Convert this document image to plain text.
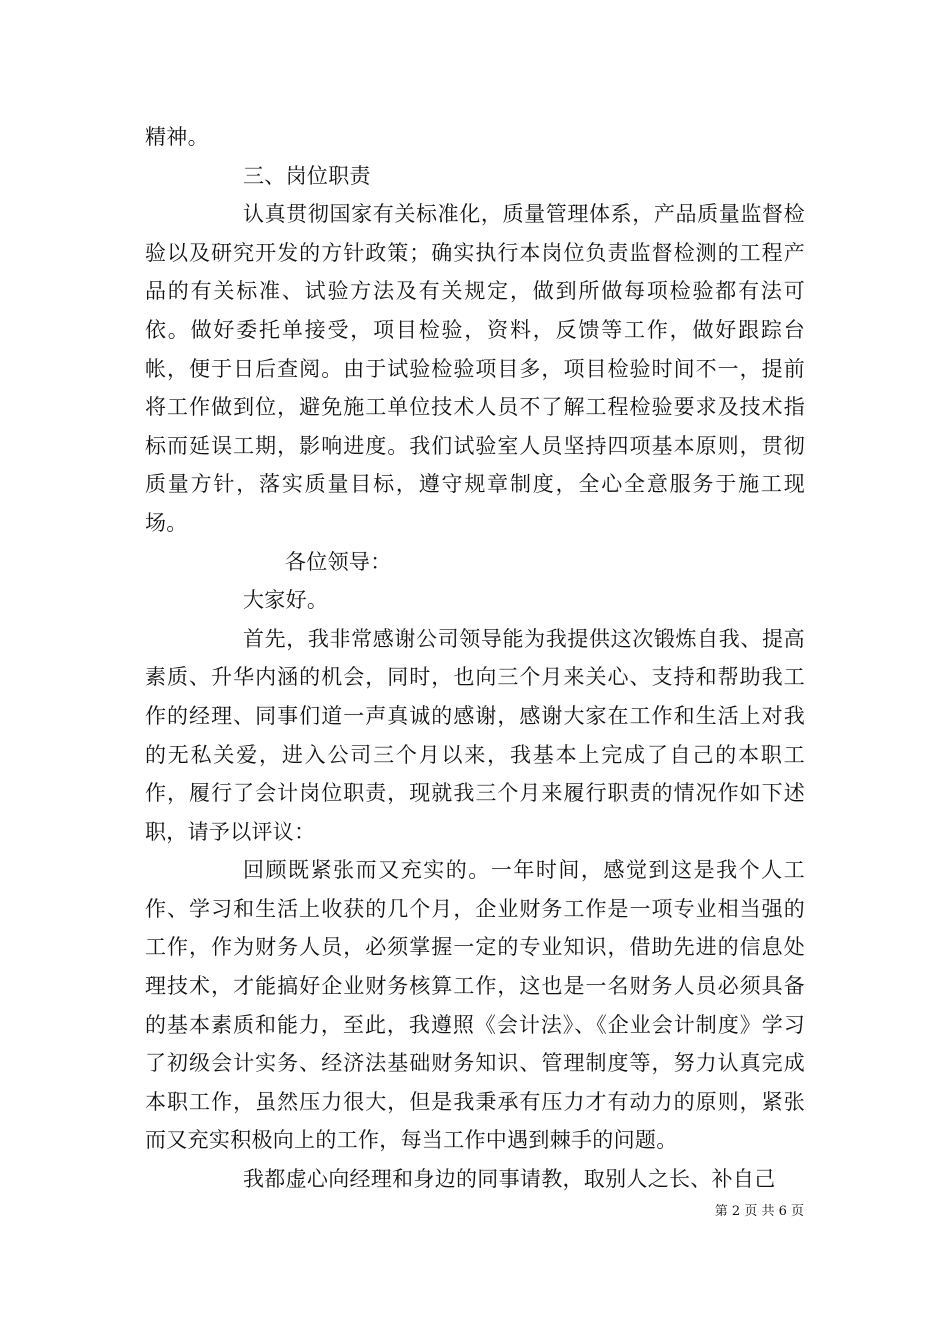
精神。

三、岗位职责

认真贯彻国家有关标准化，质量管理体系，产品质量监督检验以及研究开发的方针政策；确实执行本岗位负责监督检测的工程产品的有关标准、试验方法及有关规定，做到所做每项检验都有法可依。做好委托单接受，项目检验，资料，反馈等工作，做好跟踪台帐，便于日后查阅。由于试验检验项目多，项目检验时间不一，提前将工作做到位，避免施工单位技术人员不了解工程检验要求及技术指标而延误工期，影响进度。我们试验室人员坚持四项基本原则，贯彻质量方针，落实质量目标，遵守规章制度，全心全意服务于施工现场。

各位领导：

大家好。

首先，我非常感谢公司领导能为我提供这次锻炼自我、提高素质、升华内涵的机会，同时，也向三个月来关心、支持和帮助我工作的经理、同事们道一声真诚的感谢，感谢大家在工作和生活上对我的无私关爱，进入公司三个月以来，我基本上完成了自己的本职工作，履行了会计岗位职责，现就我三个月来履行职责的情况作如下述职，请予以评议：

回顾既紧张而又充实的。一年时间，感觉到这是我个人工作、学习和生活上收获的几个月，企业财务工作是一项专业相当强的工作，作为财务人员，必须掌握一定的专业知识，借助先进的信息处理技术，才能搞好企业财务核算工作，这也是一名财务人员必须具备的基本素质和能力，至此，我遵照《会计法》、《企业会计制度》学习了初级会计实务、经济法基础财务知识、管理制度等，努力认真完成本职工作，虽然压力很大，但是我秉承有压力才有动力的原则，紧张而又充实积极向上的工作，每当工作中遇到棘手的问题。

我都虚心向经理和身边的同事请教，取别人之长、补自己

第 2 页 共 6 页
